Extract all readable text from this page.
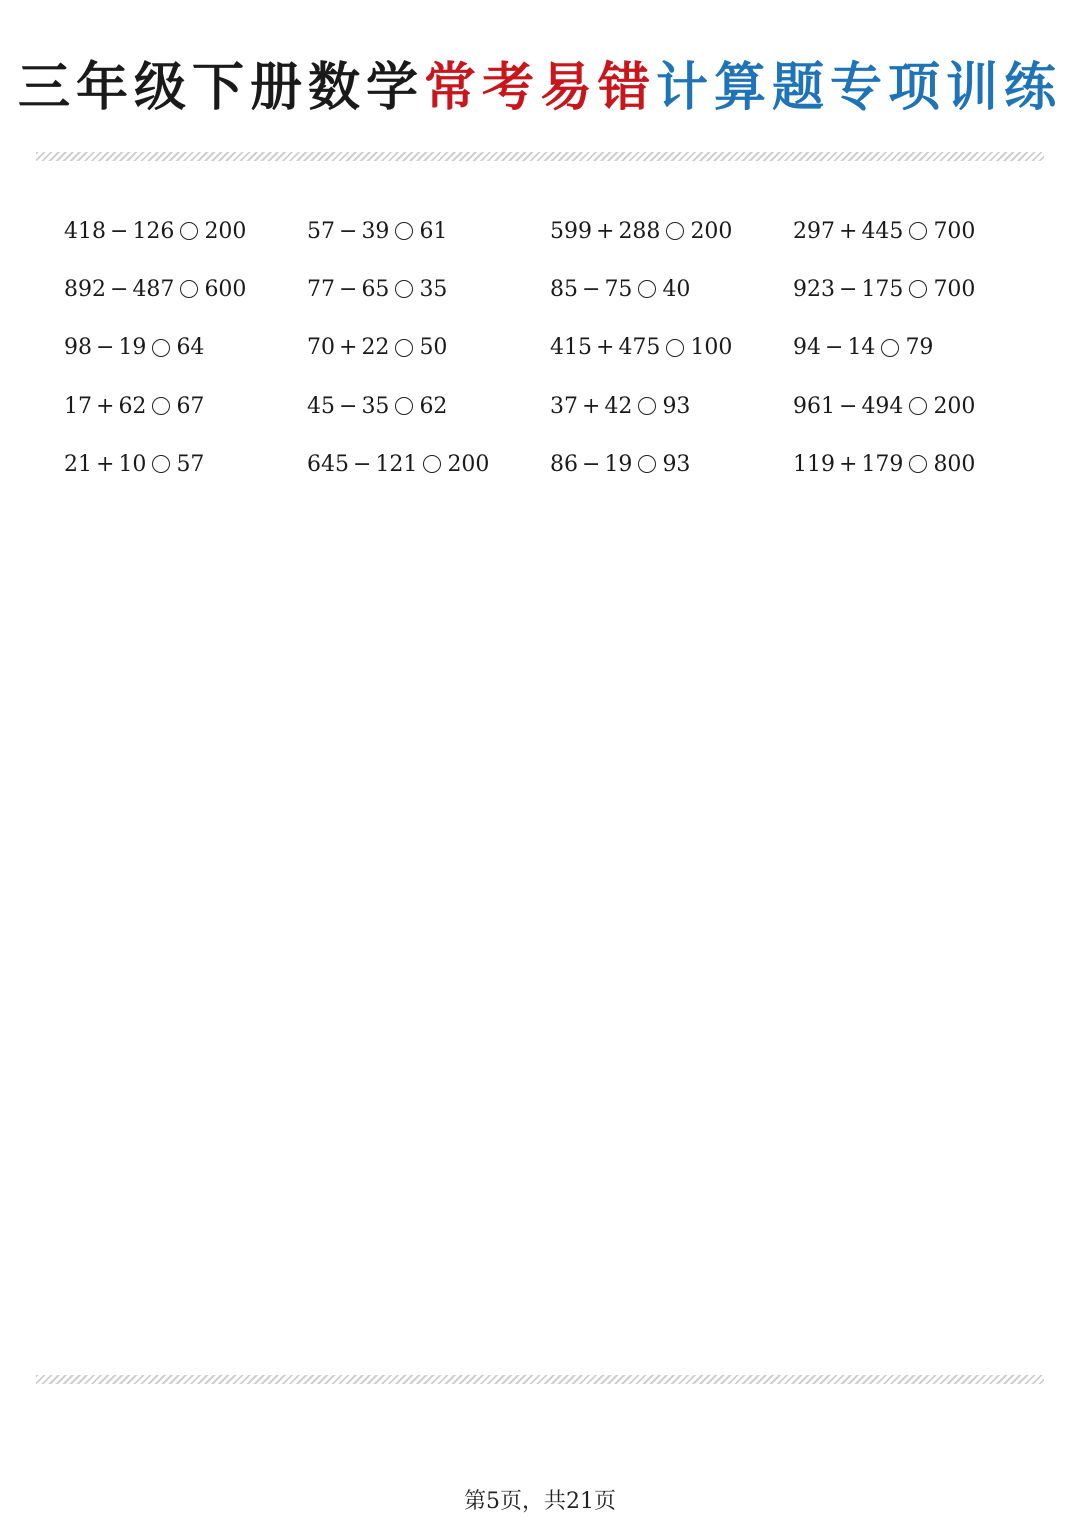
三年级下册数学常考易错计算题专项训练
418 − 126 200	57 − 39 61	599 + 288 200	297 + 445 700
892 − 487 600	77 − 65 35	85 − 75 40	923 − 175 700
98 − 19 64	70 + 22 50	415 + 475 100	94 − 14 79
17 + 62 67	45 − 35 62	37 + 42 93	961 − 494 200
21 + 10 57	645 − 121 200	86 − 19 93	119 + 179 800
第5页，共21页
